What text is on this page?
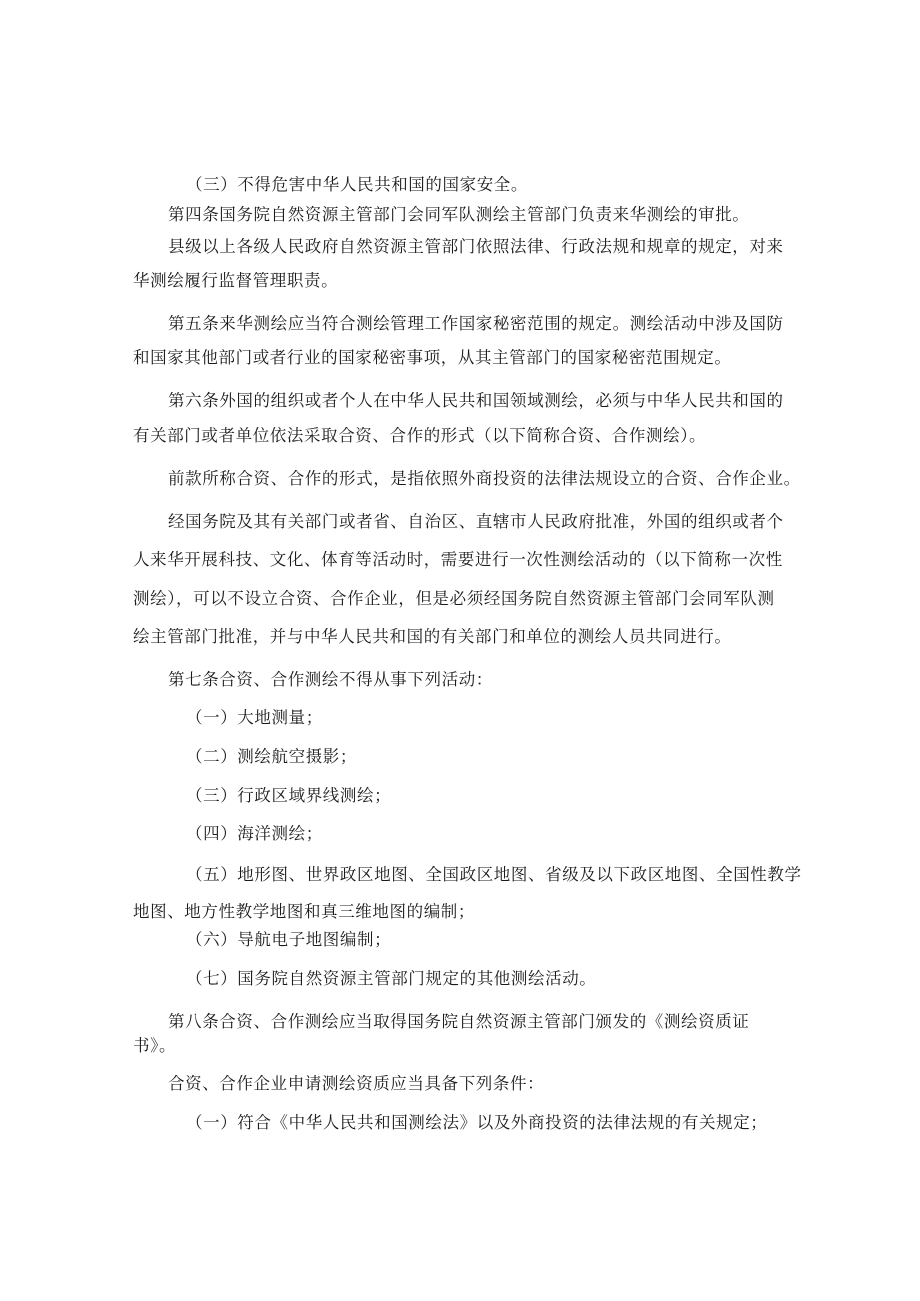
（三）不得危害中华人民共和国的国家安全。
第四条国务院自然资源主管部门会同军队测绘主管部门负责来华测绘的审批。
县级以上各级人民政府自然资源主管部门依照法律、行政法规和规章的规定，对来
华测绘履行监督管理职责。
第五条来华测绘应当符合测绘管理工作国家秘密范围的规定。测绘活动中涉及国防
和国家其他部门或者行业的国家秘密事项，从其主管部门的国家秘密范围规定。
第六条外国的组织或者个人在中华人民共和国领域测绘，必须与中华人民共和国的
有关部门或者单位依法采取合资、合作的形式（以下简称合资、合作测绘）。
前款所称合资、合作的形式，是指依照外商投资的法律法规设立的合资、合作企业。
经国务院及其有关部门或者省、自治区、直辖市人民政府批准，外国的组织或者个
人来华开展科技、文化、体育等活动时，需要进行一次性测绘活动的（以下简称一次性
测绘），可以不设立合资、合作企业，但是必须经国务院自然资源主管部门会同军队测
绘主管部门批准，并与中华人民共和国的有关部门和单位的测绘人员共同进行。
第七条合资、合作测绘不得从事下列活动：
（一）大地测量；
（二）测绘航空摄影；
（三）行政区域界线测绘；
（四）海洋测绘；
（五）地形图、世界政区地图、全国政区地图、省级及以下政区地图、全国性教学
地图、地方性教学地图和真三维地图的编制；
（六）导航电子地图编制；
（七）国务院自然资源主管部门规定的其他测绘活动。
第八条合资、合作测绘应当取得国务院自然资源主管部门颁发的《测绘资质证
书》。
合资、合作企业申请测绘资质应当具备下列条件：
（一）符合《中华人民共和国测绘法》以及外商投资的法律法规的有关规定；
